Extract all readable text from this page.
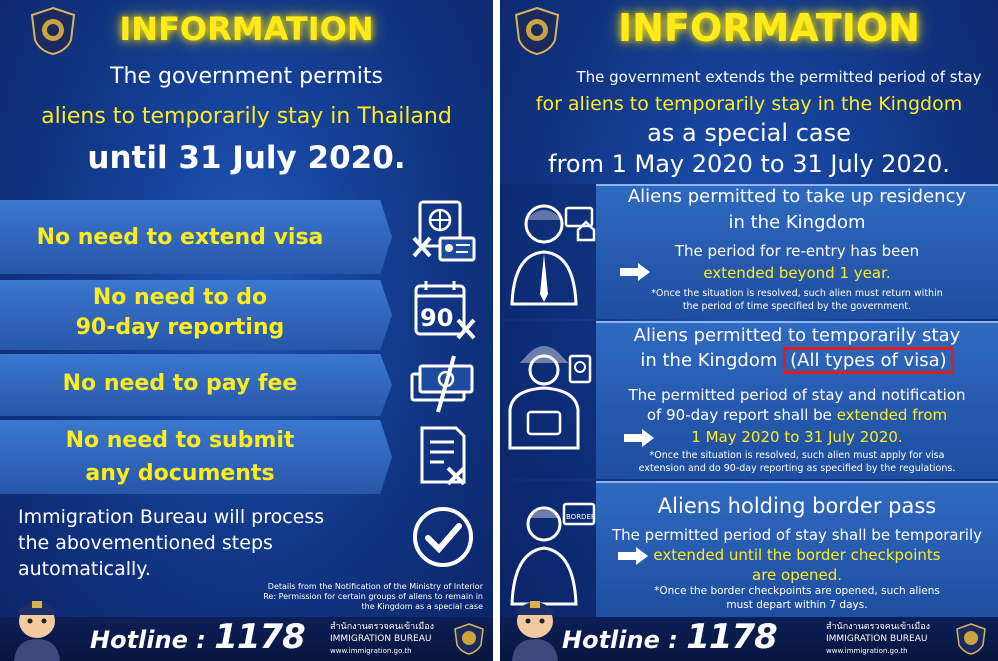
INFORMATION
The government permits
aliens to temporarily stay in Thailand
until 31 July 2020.
No need to extend visa
No need to do
90-day reporting	90
No need to pay fee
No need to submit
any documents
Immigration Bureau will process
the abovementioned steps
automatically.
Details from the Notification of the Ministry of Interior
Re: Permission for certain groups of aliens to remain in
the Kingdom as a special case
Hotline : 1178	สำนักงานตรวจคนเข้าเมือง
IMMIGRATION BUREAU
www.immigration.go.th
INFORMATION
The government extends the permitted period of stay
for aliens to temporarily stay in the Kingdom
as a special case
from 1 May 2020 to 31 July 2020.
Aliens permitted to take up residency
in the Kingdom
The period for re-entry has been
extended beyond 1 year.
*Once the situation is resolved, such alien must return within
the period of time specified by the government.
Aliens permitted to temporarily stay
in the Kingdom (All types of visa)
The permitted period of stay and notification
of 90-day report shall be extended from
1 May 2020 to 31 July 2020.
*Once the situation is resolved, such alien must apply for visa
extension and do 90-day reporting as specified by the regulations.
BORDER	Aliens holding border pass
The permitted period of stay shall be temporarily
extended until the border checkpoints
are opened.
*Once the border checkpoints are opened, such aliens
must depart within 7 days.
Hotline : 1178	สำนักงานตรวจคนเข้าเมือง
IMMIGRATION BUREAU
www.immigration.go.th
